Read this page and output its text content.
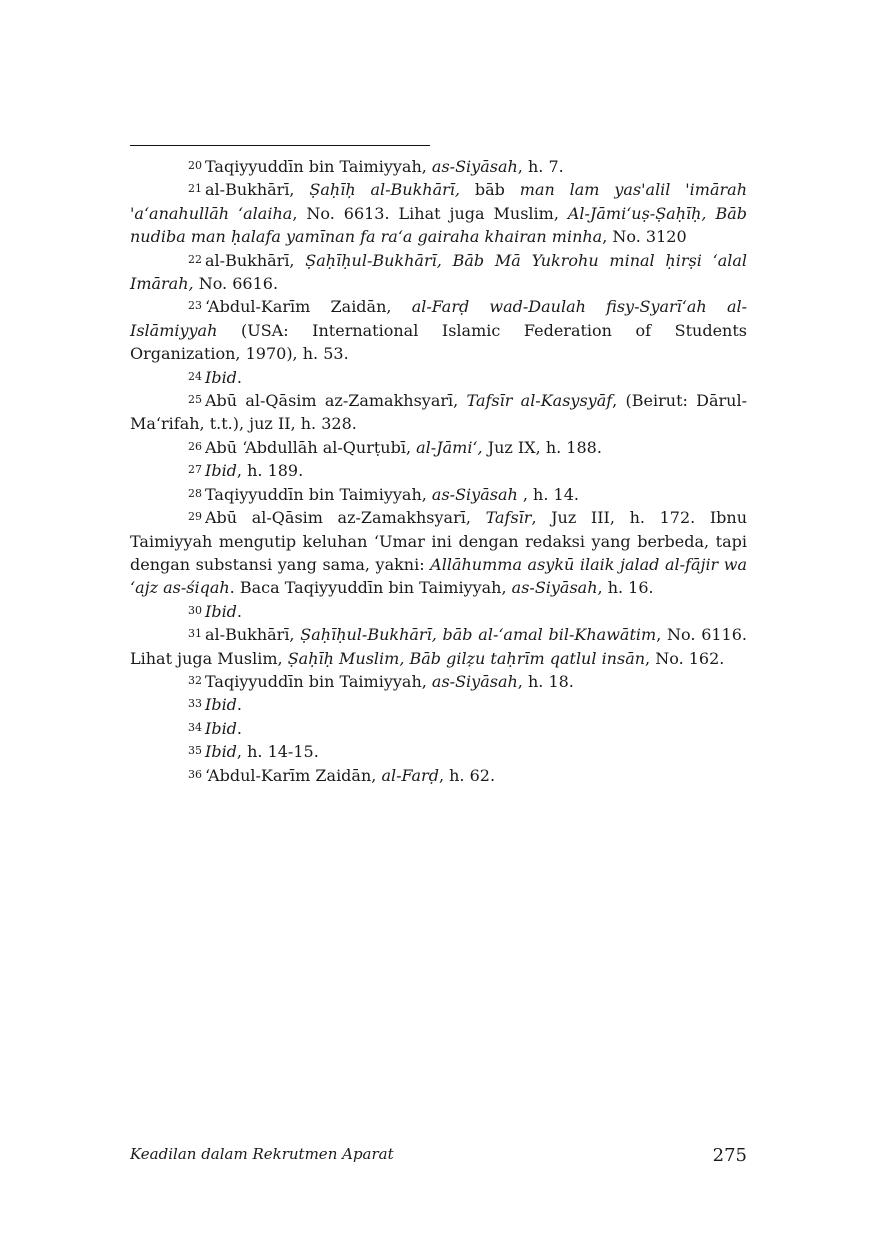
$^{20}$ Taqiyyuddīn bin Taimiyyah, as-Siyāsah, h. 7.

$^{21}$ al-Bukhārī, Ṣaḥīḥ al-Bukhārī, bāb man lam yas'alil 'imārah 'a‘anahullāh ‘alaiha, No. 6613. Lihat juga Muslim, Al-Jāmi‘uṣ-Ṣaḥīḥ, Bāb nudiba man ḥalafa yamīnan fa ra‘a gairaha khairan minha, No. 3120

$^{22}$ al-Bukhārī, Ṣaḥīḥul-Bukhārī, Bāb Mā Yukrohu minal ḥirṣi ‘alal Imārah, No. 6616.

$^{23}$ ‘Abdul-Karīm Zaidān, al-Farḍ wad-Daulah fisy-Syarī‘ah al-Islāmiyyah (USA: International Islamic Federation of Students Organization, 1970), h. 53.

$^{24}$ Ibid.

$^{25}$ Abū al-Qāsim az-Zamakhsyarī, Tafsīr al-Kasysyāf, (Beirut: Dārul-Ma‘rifah, t.t.), juz II, h. 328.

$^{26}$ Abū ‘Abdullāh al-Qurṭubī, al-Jāmi‘, Juz IX, h. 188.

$^{27}$ Ibid, h. 189.

$^{28}$ Taqiyyuddīn bin Taimiyyah, as-Siyāsah , h. 14.

$^{29}$ Abū al-Qāsim az-Zamakhsyarī, Tafsīr, Juz III, h. 172. Ibnu Taimiyyah mengutip keluhan ‘Umar ini dengan redaksi yang berbeda, tapi dengan substansi yang sama, yakni: Allāhumma asykū ilaik jalad al-fājir wa ‘ajz as-śiqah. Baca Taqiyyuddīn bin Taimiyyah, as-Siyāsah, h. 16.

$^{30}$ Ibid.

$^{31}$ al-Bukhārī, Ṣaḥīḥul-Bukhārī, bāb al-‘amal bil-Khawātim, No. 6116. Lihat juga Muslim, Ṣaḥīḥ Muslim, Bāb gilẓu taḥrīm qatlul insān, No. 162.

$^{32}$ Taqiyyuddīn bin Taimiyyah, as-Siyāsah, h. 18.

$^{33}$ Ibid.

$^{34}$ Ibid.

$^{35}$ Ibid, h. 14-15.

$^{36}$ ‘Abdul-Karīm Zaidān, al-Farḍ, h. 62.

Keadilan dalam Rekrutmen Aparat	275
